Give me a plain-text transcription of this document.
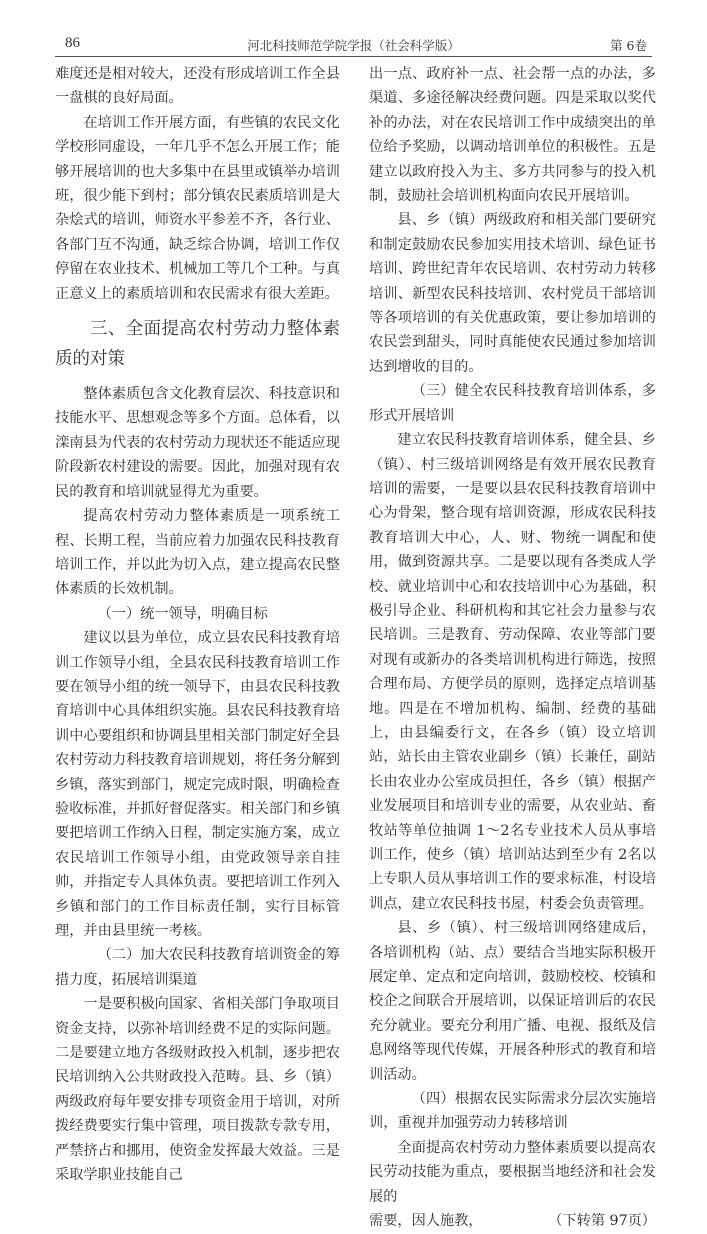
86	河北科技师范学院学报（社会科学版）	第 6卷

难度还是相对较大，还没有形成培训工作全县一盘棋的良好局面。

在培训工作开展方面，有些镇的农民文化学校形同虚设，一年几乎不怎么开展工作；能够开展培训的也大多集中在县里或镇举办培训班，很少能下到村；部分镇农民素质培训是大杂烩式的培训，师资水平参差不齐，各行业、各部门互不沟通，缺乏综合协调，培训工作仅停留在农业技术、机械加工等几个工种。与真正意义上的素质培训和农民需求有很大差距。

三、全面提高农村劳动力整体素质的对策

整体素质包含文化教育层次、科技意识和技能水平、思想观念等多个方面。总体看，以滦南县为代表的农村劳动力现状还不能适应现阶段新农村建设的需要。因此，加强对现有农民的教育和培训就显得尤为重要。

提高农村劳动力整体素质是一项系统工程、长期工程，当前应着力加强农民科技教育培训工作，并以此为切入点，建立提高农民整体素质的长效机制。

（一）统一领导，明确目标

建议以县为单位，成立县农民科技教育培训工作领导小组，全县农民科技教育培训工作要在领导小组的统一领导下，由县农民科技教育培训中心具体组织实施。县农民科技教育培训中心要组织和协调县里相关部门制定好全县农村劳动力科技教育培训规划，将任务分解到乡镇，落实到部门，规定完成时限，明确检查验收标准，并抓好督促落实。相关部门和乡镇要把培训工作纳入日程，制定实施方案，成立农民培训工作领导小组，由党政领导亲自挂帅，并指定专人具体负责。要把培训工作列入乡镇和部门的工作目标责任制，实行目标管理，并由县里统一考核。

（二）加大农民科技教育培训资金的筹措力度，拓展培训渠道

一是要积极向国家、省相关部门争取项目资金支持，以弥补培训经费不足的实际问题。二是要建立地方各级财政投入机制，逐步把农民培训纳入公共财政投入范畴。县、乡（镇）两级政府每年要安排专项资金用于培训，对所拨经费要实行集中管理，项目拨款专款专用，严禁挤占和挪用，使资金发挥最大效益。三是采取学职业技能自己

出一点、政府补一点、社会帮一点的办法，多渠道、多途径解决经费问题。四是采取以奖代补的办法，对在农民培训工作中成绩突出的单位给予奖励，以调动培训单位的积极性。五是建立以政府投入为主、多方共同参与的投入机制，鼓励社会培训机构面向农民开展培训。

县、乡（镇）两级政府和相关部门要研究和制定鼓励农民参加实用技术培训、绿色证书培训、跨世纪青年农民培训、农村劳动力转移培训、新型农民科技培训、农村党员干部培训等各项培训的有关优惠政策，要让参加培训的农民尝到甜头，同时真能使农民通过参加培训达到增收的目的。

（三）健全农民科技教育培训体系，多形式开展培训

建立农民科技教育培训体系，健全县、乡（镇）、村三级培训网络是有效开展农民教育培训的需要，一是要以县农民科技教育培训中心为骨架，整合现有培训资源，形成农民科技教育培训大中心，人、财、物统一调配和使用，做到资源共享。二是要以现有各类成人学校、就业培训中心和农技培训中心为基础，积极引导企业、科研机构和其它社会力量参与农民培训。三是教育、劳动保障、农业等部门要对现有或新办的各类培训机构进行筛选，按照合理布局、方便学员的原则，选择定点培训基地。四是在不增加机构、编制、经费的基础上，由县编委行文，在各乡（镇）设立培训站，站长由主管农业副乡（镇）长兼任，副站长由农业办公室成员担任，各乡（镇）根据产业发展项目和培训专业的需要，从农业站、畜牧站等单位抽调 1～2名专业技术人员从事培训工作，使乡（镇）培训站达到至少有 2名以上专职人员从事培训工作的要求标准，村设培训点，建立农民科技书屋，村委会负责管理。

县、乡（镇）、村三级培训网络建成后，各培训机构（站、点）要结合当地实际积极开展定单、定点和定向培训，鼓励校校、校镇和校企之间联合开展培训，以保证培训后的农民充分就业。要充分利用广播、电视、报纸及信息网络等现代传媒，开展各种形式的教育和培训活动。

（四）根据农民实际需求分层次实施培训，重视并加强劳动力转移培训

全面提高农村劳动力整体素质要以提高农民劳动技能为重点，要根据当地经济和社会发展的

需要，因人施教，	（下转第 97页）
